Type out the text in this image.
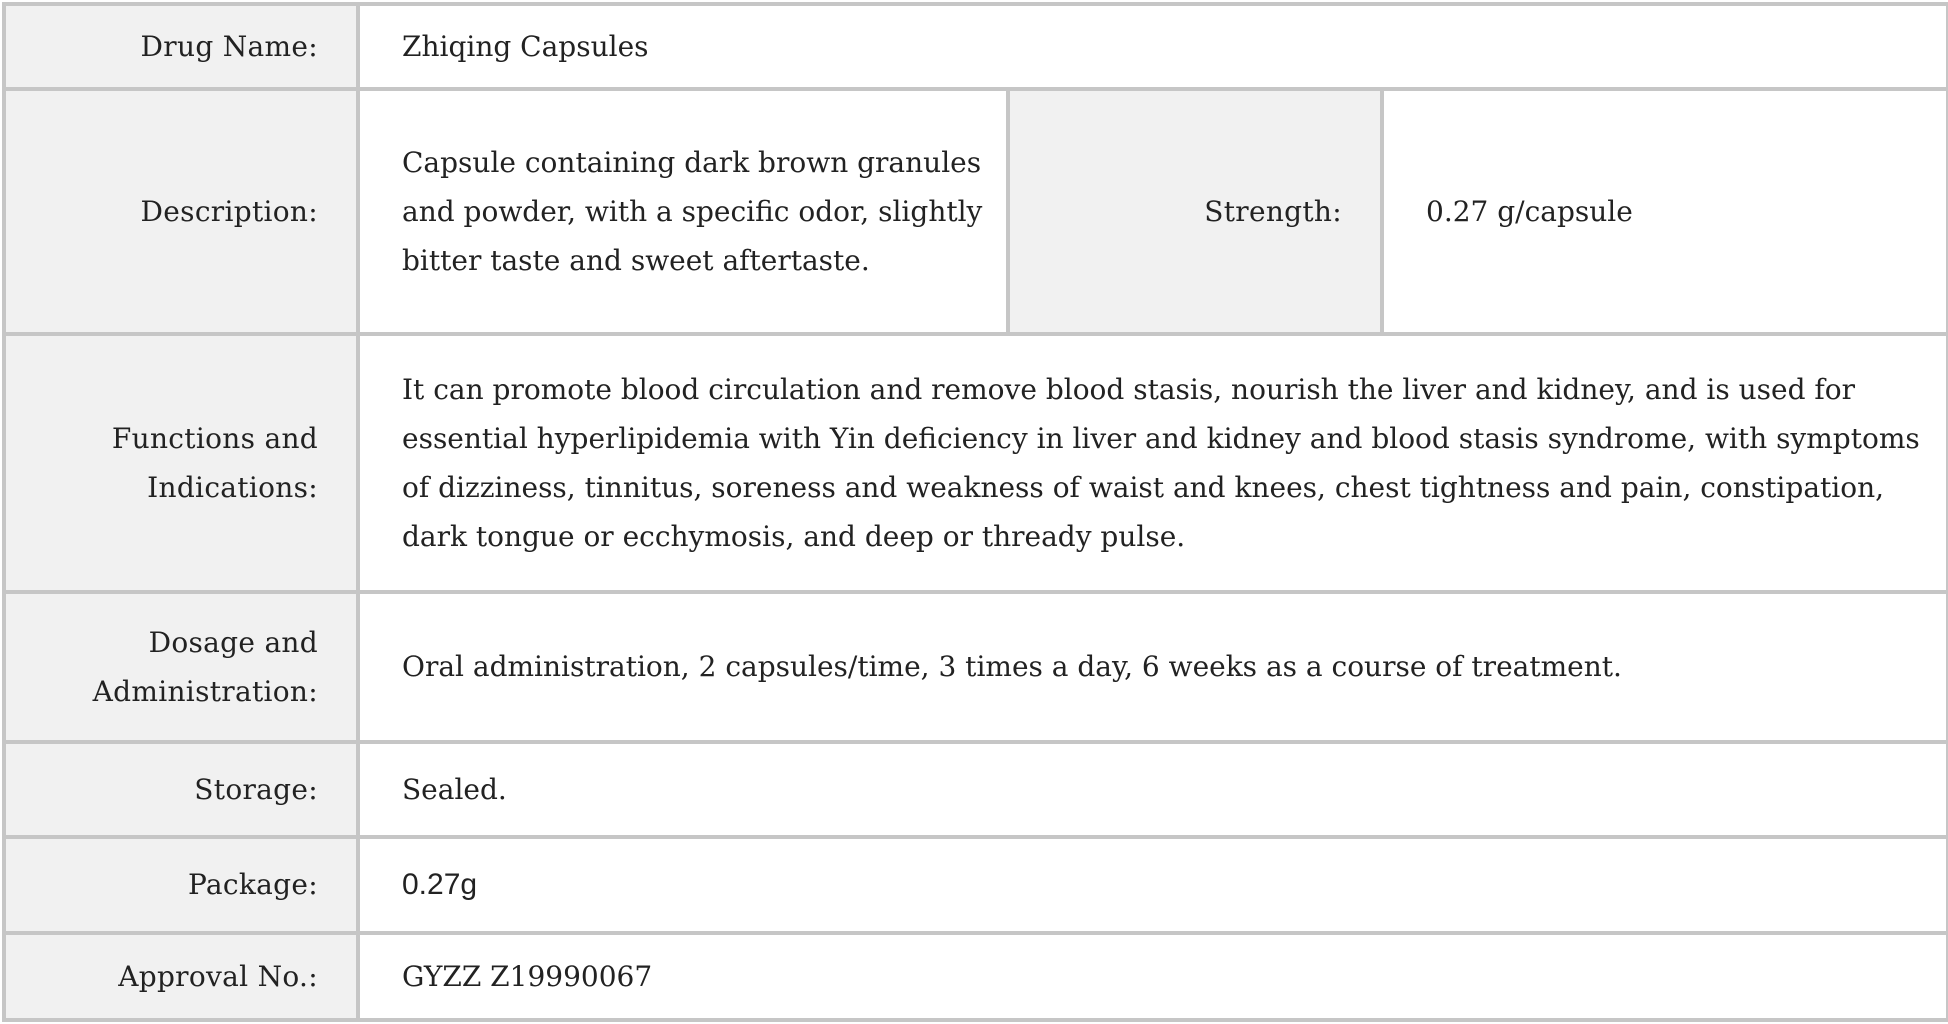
Drug Name:	Zhiqing Capsules		
Description:	Capsule containing dark brown granules and powder, with a specific odor, slightly bitter taste and sweet aftertaste.	Strength:	0.27 g/capsule

Functions and
Indications:	It can promote blood circulation and remove blood stasis, nourish the liver and kidney, and is used for essential hyperlipidemia with Yin deficiency in liver and kidney and blood stasis syndrome, with symptoms of dizziness, tinnitus, soreness and weakness of waist and knees, chest tightness and pain, constipation, dark tongue or ecchymosis, and deep or thready pulse.		

Dosage and
Administration:	Oral administration, 2 capsules/time, 3 times a day, 6 weeks as a course of treatment.		
Storage:	Sealed.		
Package:	0.27g		
Approval No.:	GYZZ Z19990067		
